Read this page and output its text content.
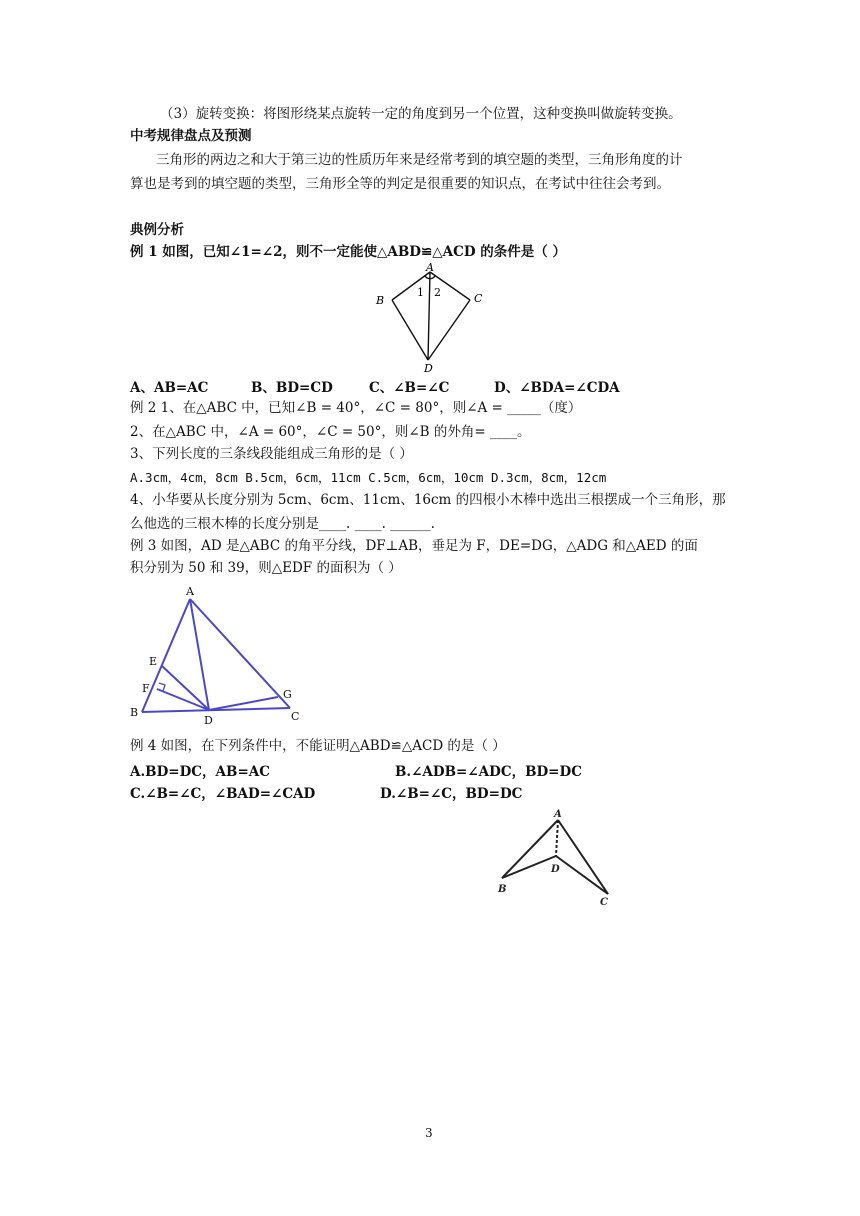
（3）旋转变换：将图形绕某点旋转一定的角度到另一个位置，这种变换叫做旋转变换。
中考规律盘点及预测
三角形的两边之和大于第三边的性质历年来是经常考到的填空题的类型，三角形角度的计
算也是考到的填空题的类型，三角形全等的判定是很重要的知识点，在考试中往往会考到。
典例分析
例 1 如图，已知∠1=∠2，则不一定能使△ABD≌△ACD 的条件是（ ）
A
B	C
D
1 2
A、AB=AC	B、BD=CD	C、∠B=∠C	D、∠BDA=∠CDA
例 2 1、在△ABC 中，已知∠B = 40°，∠C = 80°，则∠A = _____（度）
2、在△ABC 中，∠A = 60°，∠C = 50°，则∠B 的外角= ____。
3、下列长度的三条线段能组成三角形的是（ ）
A.3cm，4cm，8cm B.5cm，6cm，11cm C.5cm，6cm，10cm D.3cm，8cm，12cm
4、小华要从长度分别为 5cm、6cm、11cm、16cm 的四根小木棒中选出三根摆成一个三角形，那
么他选的三根木棒的长度分别是____. ____. ______.
例 3 如图，AD 是△ABC 的角平分线，DF⊥AB，垂足为 F，DE=DG，△ADG 和△AED 的面
积分别为 50 和 39，则△EDF 的面积为（ ）
A
B	C
D
E
F	G
例 4 如图，在下列条件中，不能证明△ABD≌△ACD 的是（ ）
A.BD=DC，AB=AC	B.∠ADB=∠ADC，BD=DC
C.∠B=∠C，∠BAD=∠CAD	D.∠B=∠C，BD=DC
A
B
C
D
3
